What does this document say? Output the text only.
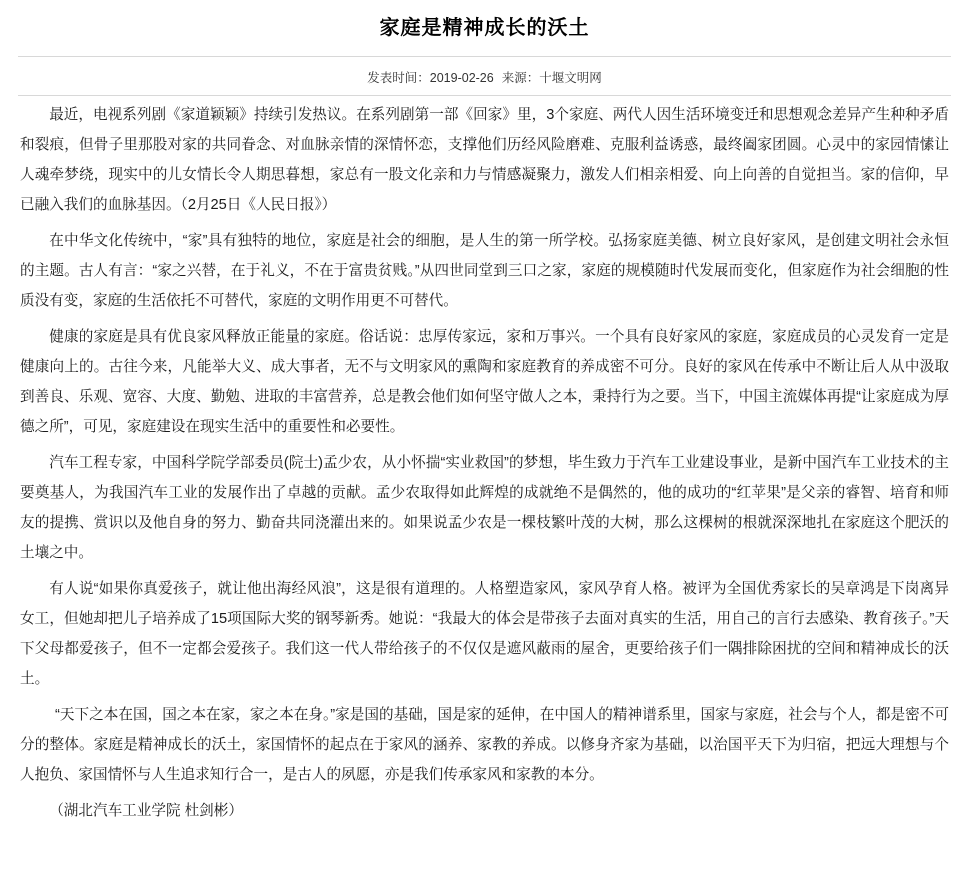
家庭是精神成长的沃土
发表时间：2019-02-26 来源：十堰文明网

最近，电视系列剧《家道颖颖》持续引发热议。在系列剧第一部《回家》里，3个家庭、两代人因生活环境变迁和思想观念差异产生种种矛盾和裂痕，但骨子里那股对家的共同眷念、对血脉亲情的深情怀恋，支撑他们历经风险磨难、克服利益诱惑，最终阖家团圆。心灵中的家园情愫让人魂牵梦绕，现实中的儿女情长令人期思暮想，家总有一股文化亲和力与情感凝聚力，激发人们相亲相爱、向上向善的自觉担当。家的信仰，早已融入我们的血脉基因。（2月25日《人民日报》）

在中华文化传统中，“家”具有独特的地位，家庭是社会的细胞，是人生的第一所学校。弘扬家庭美德、树立良好家风，是创建文明社会永恒的主题。古人有言：“家之兴替，在于礼义，不在于富贵贫贱。”从四世同堂到三口之家，家庭的规模随时代发展而变化，但家庭作为社会细胞的性质没有变，家庭的生活依托不可替代，家庭的文明作用更不可替代。

健康的家庭是具有优良家风释放正能量的家庭。俗话说：忠厚传家远，家和万事兴。一个具有良好家风的家庭，家庭成员的心灵发育一定是健康向上的。古往今来，凡能举大义、成大事者，无不与文明家风的熏陶和家庭教育的养成密不可分。良好的家风在传承中不断让后人从中汲取到善良、乐观、宽容、大度、勤勉、进取的丰富营养，总是教会他们如何坚守做人之本，秉持行为之要。当下，中国主流媒体再提“让家庭成为厚德之所”，可见，家庭建设在现实生活中的重要性和必要性。

汽车工程专家，中国科学院学部委员(院士)孟少农，从小怀揣“实业救国”的梦想，毕生致力于汽车工业建设事业，是新中国汽车工业技术的主要奠基人，为我国汽车工业的发展作出了卓越的贡献。孟少农取得如此辉煌的成就绝不是偶然的，他的成功的“红苹果”是父亲的睿智、培育和师友的提携、赏识以及他自身的努力、勤奋共同浇灌出来的。如果说孟少农是一棵枝繁叶茂的大树，那么这棵树的根就深深地扎在家庭这个肥沃的土壤之中。

有人说“如果你真爱孩子，就让他出海经风浪”，这是很有道理的。人格塑造家风，家风孕育人格。被评为全国优秀家长的吴章鸿是下岗离异女工，但她却把儿子培养成了15项国际大奖的钢琴新秀。她说：“我最大的体会是带孩子去面对真实的生活，用自己的言行去感染、教育孩子。”天下父母都爱孩子，但不一定都会爱孩子。我们这一代人带给孩子的不仅仅是遮风蔽雨的屋舍，更要给孩子们一隅排除困扰的空间和精神成长的沃土。

“天下之本在国，国之本在家，家之本在身。”家是国的基础，国是家的延伸，在中国人的精神谱系里，国家与家庭，社会与个人，都是密不可分的整体。家庭是精神成长的沃土，家国情怀的起点在于家风的涵养、家教的养成。以修身齐家为基础，以治国平天下为归宿，把远大理想与个人抱负、家国情怀与人生追求知行合一，是古人的夙愿，亦是我们传承家风和家教的本分。

（湖北汽车工业学院 杜剑彬）
